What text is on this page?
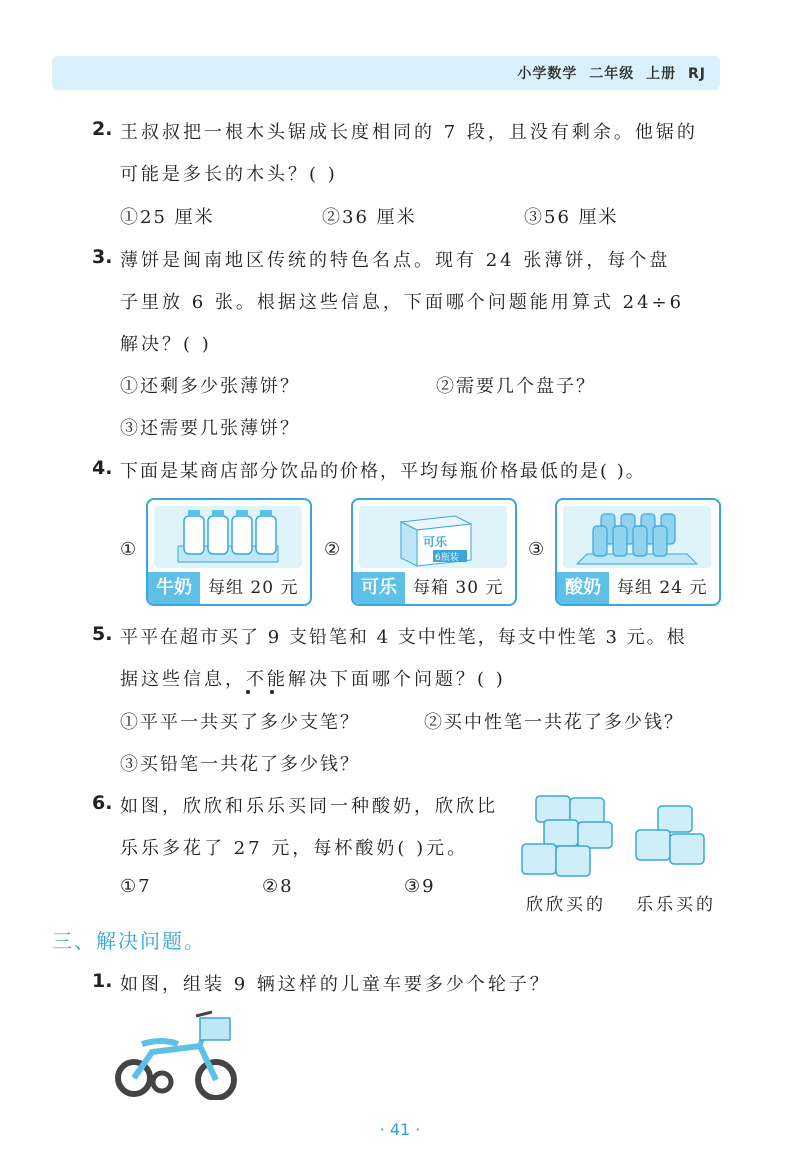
小学数学 二年级 上册 RJ
2. 王叔叔把一根木头锯成长度相同的 7 段，且没有剩余。他锯的
可能是多长的木头？( )
①25 厘米	②36 厘米	③56 厘米
3. 薄饼是闽南地区传统的特色名点。现有 24 张薄饼，每个盘
子里放 6 张。根据这些信息，下面哪个问题能用算式 24÷6
解决？( )
①还剩多少张薄饼？	②需要几个盘子？
③还需要几张薄饼？
4. 下面是某商店部分饮品的价格，平均每瓶价格最低的是( )。
①
牛奶 每组 20 元
②	可乐
6瓶装
可乐 每箱 30 元
③
酸奶 每组 24 元
5. 平平在超市买了 9 支铅笔和 4 支中性笔，每支中性笔 3 元。根
据这些信息，不能解决下面哪个问题？( )
①平平一共买了多少支笔？	②买中性笔一共花了多少钱？
③买铅笔一共花了多少钱？
6. 如图，欣欣和乐乐买同一种酸奶，欣欣比
乐乐多花了 27 元，每杯酸奶( )元。
①7	②8	③9
欣欣买的 乐乐买的
三、解决问题。
1. 如图，组装 9 辆这样的儿童车要多少个轮子？
· 41 ·
